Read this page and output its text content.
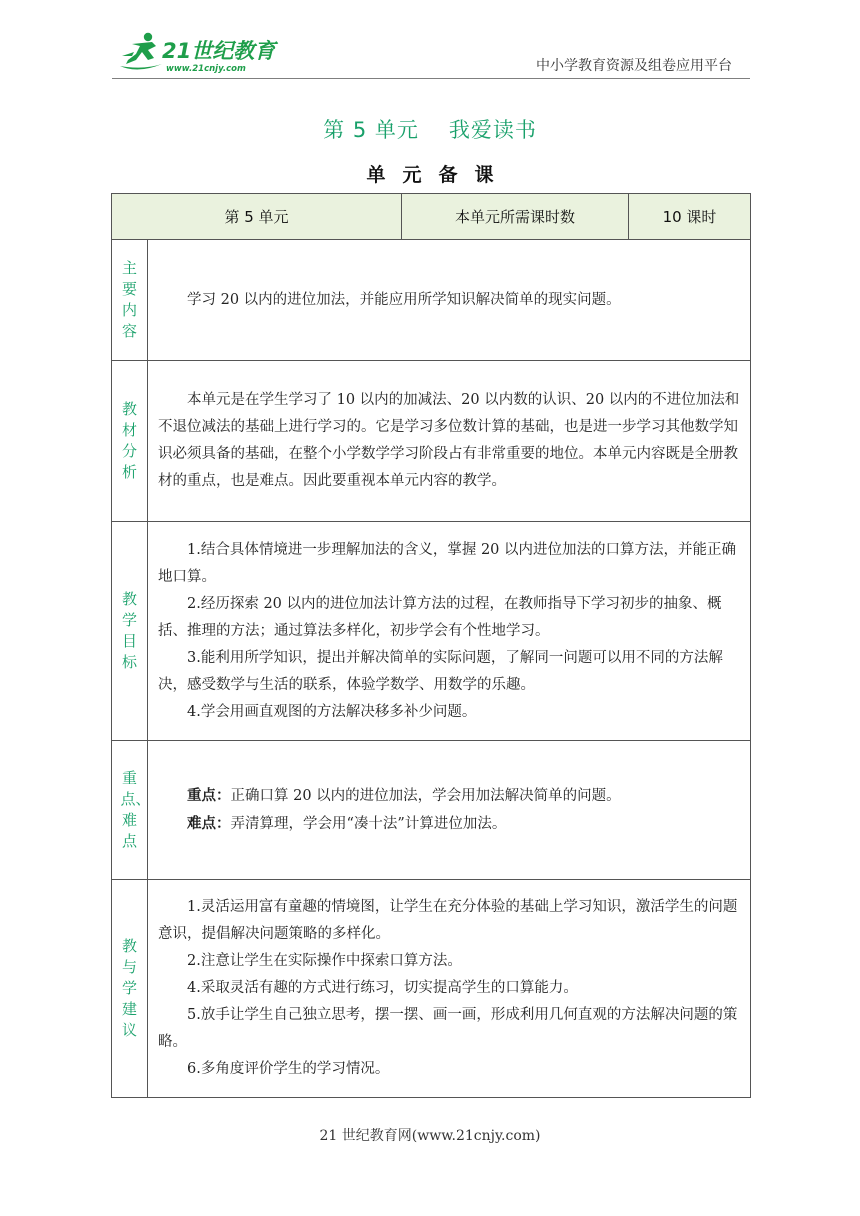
21世纪教育
www.21cnjy.com	中小学教育资源及组卷应用平台
第 5 单元 我爱读书
单元备课
第 5 单元		本单元所需课时数	10 课时

主要内容	学习 20 以内的进位加法，并能应用所学知识解决简单的现实问题。		

教材分析	本单元是在学生学习了 10 以内的加减法、20 以内数的认识、20 以内的不进位加法和不退位减法的基础上进行学习的。它是学习多位数计算的基础，也是进一步学习其他数学知识必须具备的基础，在整个小学数学学习阶段占有非常重要的地位。本单元内容既是全册教材的重点，也是难点。因此要重视本单元内容的教学。		

教学目标	1.结合具体情境进一步理解加法的含义，掌握 20 以内进位加法的口算方法，并能正确地口算。

2.经历探索 20 以内的进位加法计算方法的过程，在教师指导下学习初步的抽象、概括、推理的方法；通过算法多样化，初步学会有个性地学习。

3.能利用所学知识，提出并解决简单的实际问题，了解同一问题可以用不同的方法解决，感受数学与生活的联系，体验学数学、用数学的乐趣。

4.学会用画直观图的方法解决移多补少问题。		

重点、难点	重点：正确口算 20 以内的进位加法，学会用加法解决简单的问题。

难点：弄清算理，学会用“凑十法”计算进位加法。		

教与学建议	1.灵活运用富有童趣的情境图，让学生在充分体验的基础上学习知识，激活学生的问题意识，提倡解决问题策略的多样化。

2.注意让学生在实际操作中探索口算方法。

4.采取灵活有趣的方式进行练习，切实提高学生的口算能力。

5.放手让学生自己独立思考，摆一摆、画一画，形成利用几何直观的方法解决问题的策略。

6.多角度评价学生的学习情况。		

21 世纪教育网(www.21cnjy.com)
